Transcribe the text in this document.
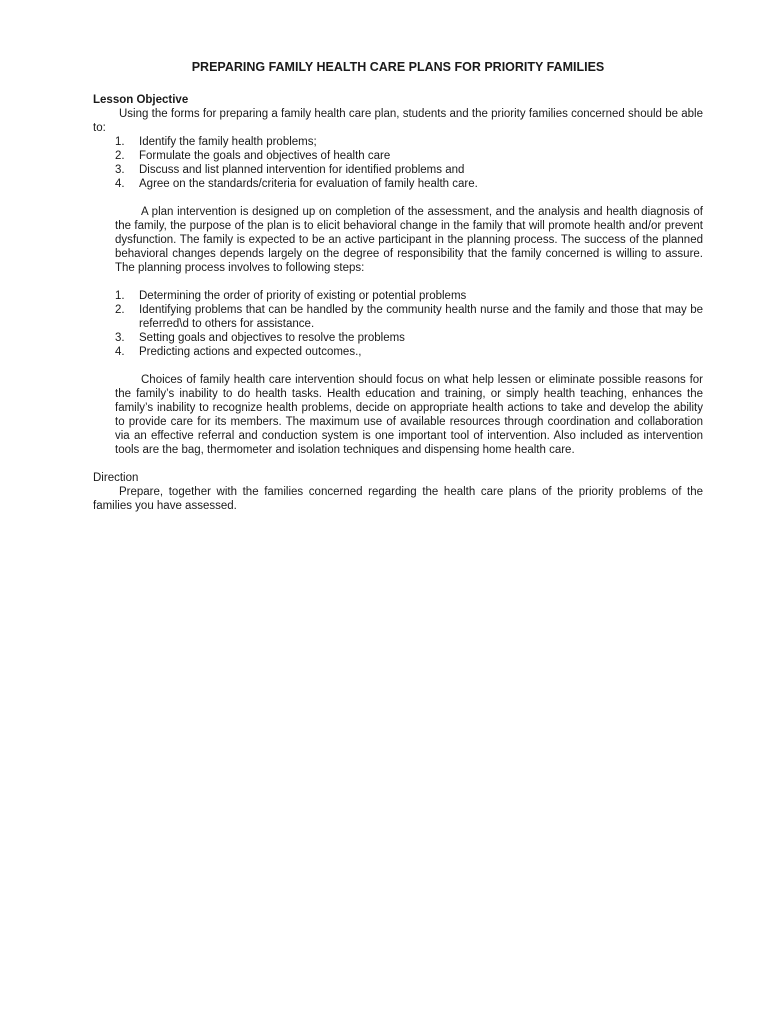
PREPARING FAMILY HEALTH CARE PLANS FOR PRIORITY FAMILIES

Lesson Objective

Using the forms for preparing a family health care plan, students and the priority families concerned should be able to:

1. Identify the family health problems;
2. Formulate the goals and objectives of health care
3. Discuss and list planned intervention for identified problems and
4. Agree on the standards/criteria for evaluation of family health care.

A plan intervention is designed up on completion of the assessment, and the analysis and health diagnosis of the family, the purpose of the plan is to elicit behavioral change in the family that will promote health and/or prevent dysfunction. The family is expected to be an active participant in the planning process. The success of the planned behavioral changes depends largely on the degree of responsibility that the family concerned is willing to assure. The planning process involves to following steps:

1. Determining the order of priority of existing or potential problems
2. Identifying problems that can be handled by the community health nurse and the family and those that may be referred\d to others for assistance.
3. Setting goals and objectives to resolve the problems
4. Predicting actions and expected outcomes.,

Choices of family health care intervention should focus on what help lessen or eliminate possible reasons for the family’s inability to do health tasks. Health education and training, or simply health teaching, enhances the family’s inability to recognize health problems, decide on appropriate health actions to take and develop the ability to provide care for its members. The maximum use of available resources through coordination and collaboration via an effective referral and conduction system is one important tool of intervention. Also included as intervention tools are the bag, thermometer and isolation techniques and dispensing home health care.

Direction

Prepare, together with the families concerned regarding the health care plans of the priority problems of the families you have assessed.
